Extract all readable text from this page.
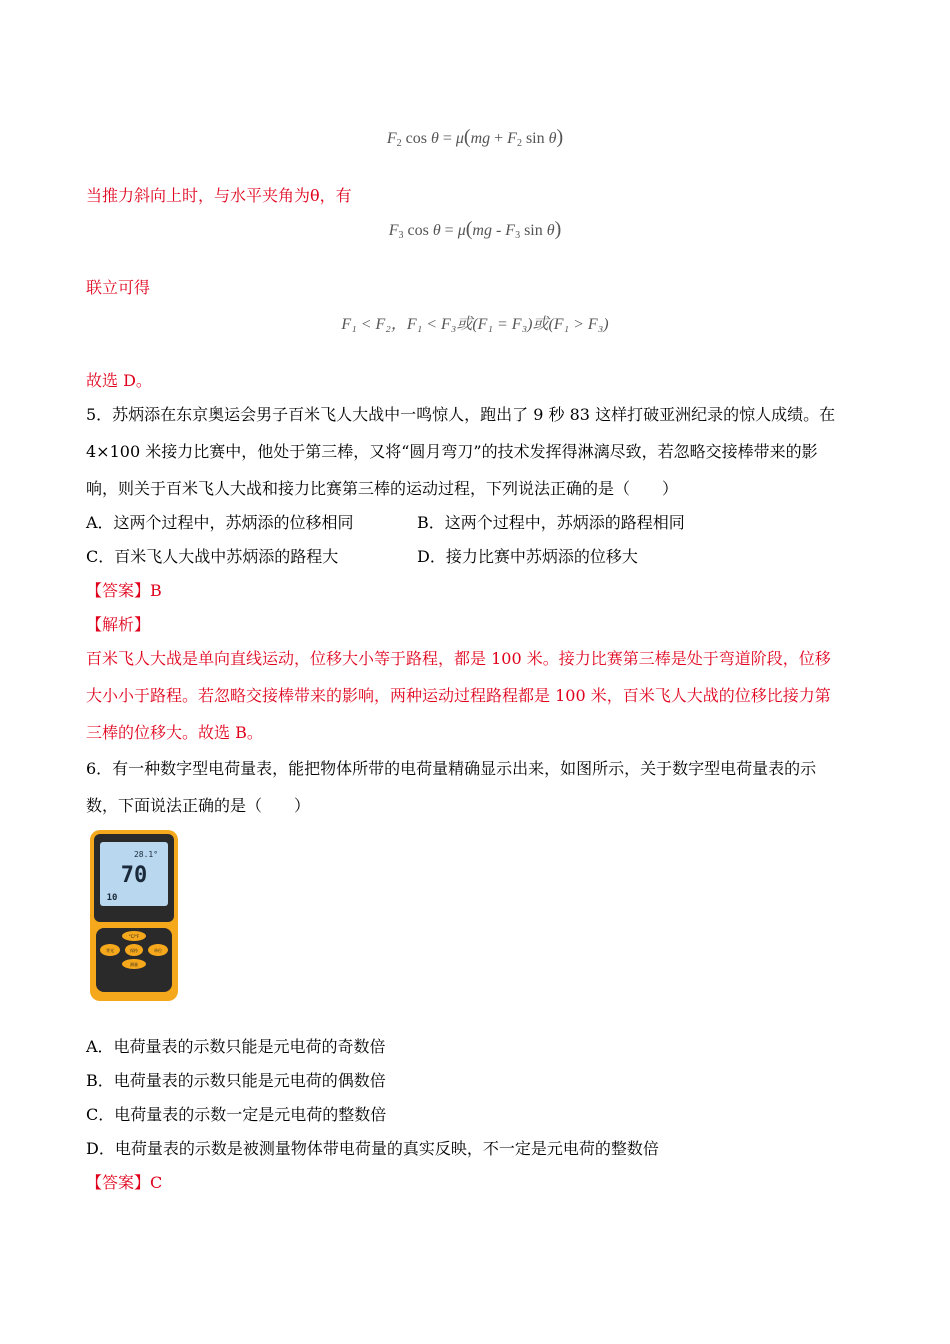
$F_2$ $\cos \theta = \mu(mg + F_2$ sin θ)
当推力斜向上时，与水平夹角为θ，有
$F_3$ $\cos \theta = \mu(mg - F_3$ sin θ)
联立可得
F₁ < F₂，F₁ < F₃或(F₁ = F₃)或(F₁ > F₃)
故选 D。
5．苏炳添在东京奥运会男子百米飞人大战中一鸣惊人，跑出了 9 秒 83 这样打破亚洲纪录的惊人成绩。在
4×100 米接力比赛中，他处于第三棒，又将“圆月弯刀”的技术发挥得淋漓尽致，若忽略交接棒带来的影
响，则关于百米飞人大战和接力比赛第三棒的运动过程，下列说法正确的是（　　）
A．这两个过程中，苏炳添的位移相同	B．这两个过程中，苏炳添的路程相同
C．百米飞人大战中苏炳添的路程大	D．接力比赛中苏炳添的位移大
【答案】B
【解析】
百米飞人大战是单向直线运动，位移大小等于路程，都是 100 米。接力比赛第三棒是处于弯道阶段，位移
大小小于路程。若忽略交接棒带来的影响，两种运动过程路程都是 100 米，百米飞人大战的位移比接力第
三棒的位移大。故选 B。
6．有一种数字型电荷量表，能把物体所带的电荷量精确显示出来，如图所示，关于数字型电荷量表的示
数，下面说法正确的是（　　）
28.1°
70
10
°C/°F
背光	保持	单位
测量
A．电荷量表的示数只能是元电荷的奇数倍
B．电荷量表的示数只能是元电荷的偶数倍
C．电荷量表的示数一定是元电荷的整数倍
D．电荷量表的示数是被测量物体带电荷量的真实反映，不一定是元电荷的整数倍
【答案】C
